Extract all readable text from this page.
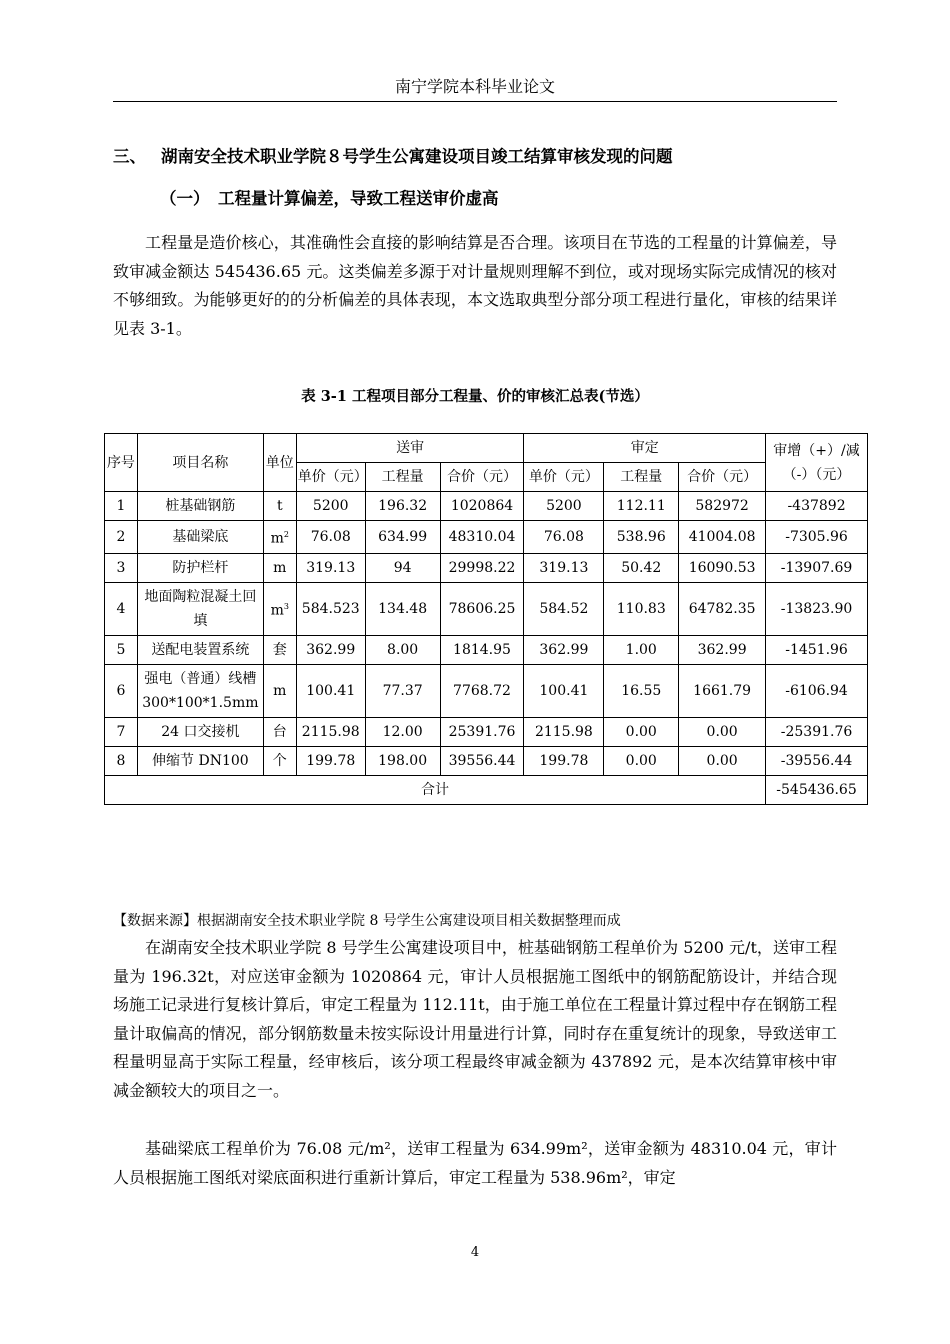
南宁学院本科毕业论文
三、 湖南安全技术职业学院８号学生公寓建设项目竣工结算审核发现的问题
（一） 工程量计算偏差，导致工程送审价虚高

工程量是造价核心，其准确性会直接的影响结算是否合理。该项目在节选的工程量的计算偏差，导致审减金额达 545436.65 元。这类偏差多源于对计量规则理解不到位，或对现场实际完成情况的核对不够细致。为能够更好的的分析偏差的具体表现，本文选取典型分部分项工程进行量化，审核的结果详见表 3-1。

表 3-1 工程项目部分工程量、价的审核汇总表(节选）
序号	项目名称	单位	送审			审定			审增（+）/减（-）（元）
			单价（元）	工程量	合价（元）	单价（元）	工程量	合价（元）	
1	桩基础钢筋	t	5200	196.32	1020864	5200	112.11	582972	-437892
2	基础梁底	$m^2$	76.08	634.99	48310.04	76.08	538.96	41004.08	-7305.96
3	防护栏杆	m	319.13	94	29998.22	319.13	50.42	16090.53	-13907.69
4	地面陶粒混凝土回填	$m^3$	584.523	134.48	78606.25	584.52	110.83	64782.35	-13823.90
5	送配电装置系统	套	362.99	8.00	1814.95	362.99	1.00	362.99	-1451.96
6	强电（普通）线槽 300*100*1.5mm	m	100.41	77.37	7768.72	100.41	16.55	1661.79	-6106.94
7	24 口交接机	台	2115.98	12.00	25391.76	2115.98	0.00	0.00	-25391.76
8	伸缩节 DN100	个	199.78	198.00	39556.44	199.78	0.00	0.00	-39556.44
合计									-545436.65
【数据来源】根据湖南安全技术职业学院 8 号学生公寓建设项目相关数据整理而成

在湖南安全技术职业学院 8 号学生公寓建设项目中，桩基础钢筋工程单价为 5200 元/t，送审工程量为 196.32t，对应送审金额为 1020864 元，审计人员根据施工图纸中的钢筋配筋设计，并结合现场施工记录进行复核计算后，审定工程量为 112.11t，由于施工单位在工程量计算过程中存在钢筋工程量计取偏高的情况，部分钢筋数量未按实际设计用量进行计算，同时存在重复统计的现象，导致送审工程量明显高于实际工程量，经审核后，该分项工程最终审减金额为 437892 元，是本次结算审核中审减金额较大的项目之一。

基础梁底工程单价为 76.08 元/m²，送审工程量为 634.99m²，送审金额为 48310.04 元，审计人员根据施工图纸对梁底面积进行重新计算后，审定工程量为 538.96m²，审定

4
